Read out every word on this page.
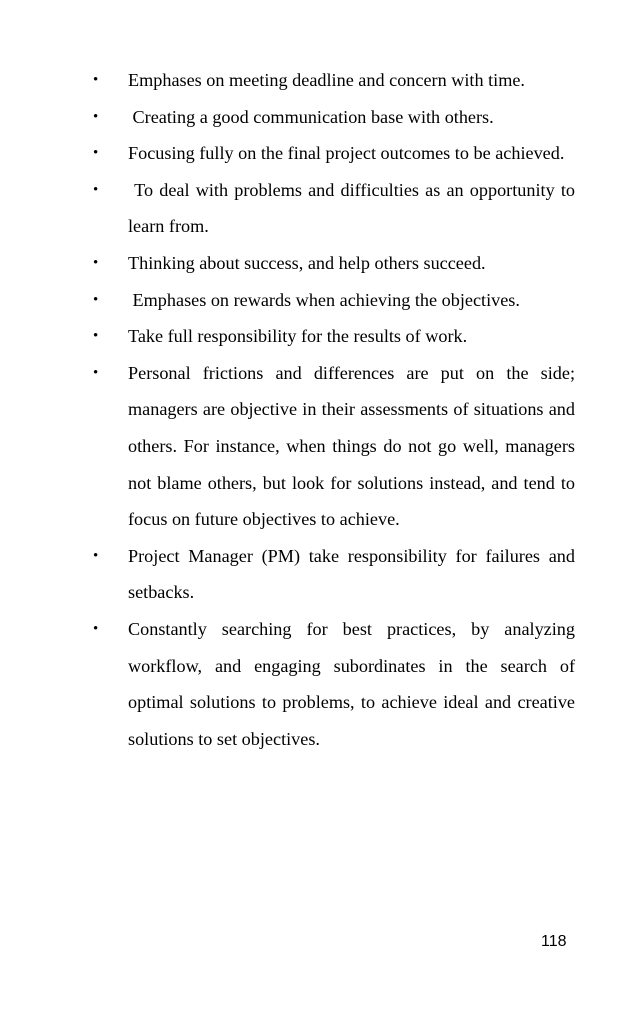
•	Emphases on meeting deadline and concern with time.
•	Creating a good communication base with others.
•	Focusing fully on the final project outcomes to be achieved.
•	To deal with problems and difficulties as an opportunity to learn from.
•	Thinking about success, and help others succeed.
•	Emphases on rewards when achieving the objectives.
•	Take full responsibility for the results of work.
•	Personal frictions and differences are put on the side; managers are objective in their assessments of situations and others. For instance, when things do not go well, managers not blame others, but look for solutions instead, and tend to focus on future objectives to achieve.
•	Project Manager (PM) take responsibility for failures and setbacks.
•	Constantly searching for best practices, by analyzing workflow, and engaging subordinates in the search of optimal solutions to problems, to achieve ideal and creative solutions to set objectives.
118
